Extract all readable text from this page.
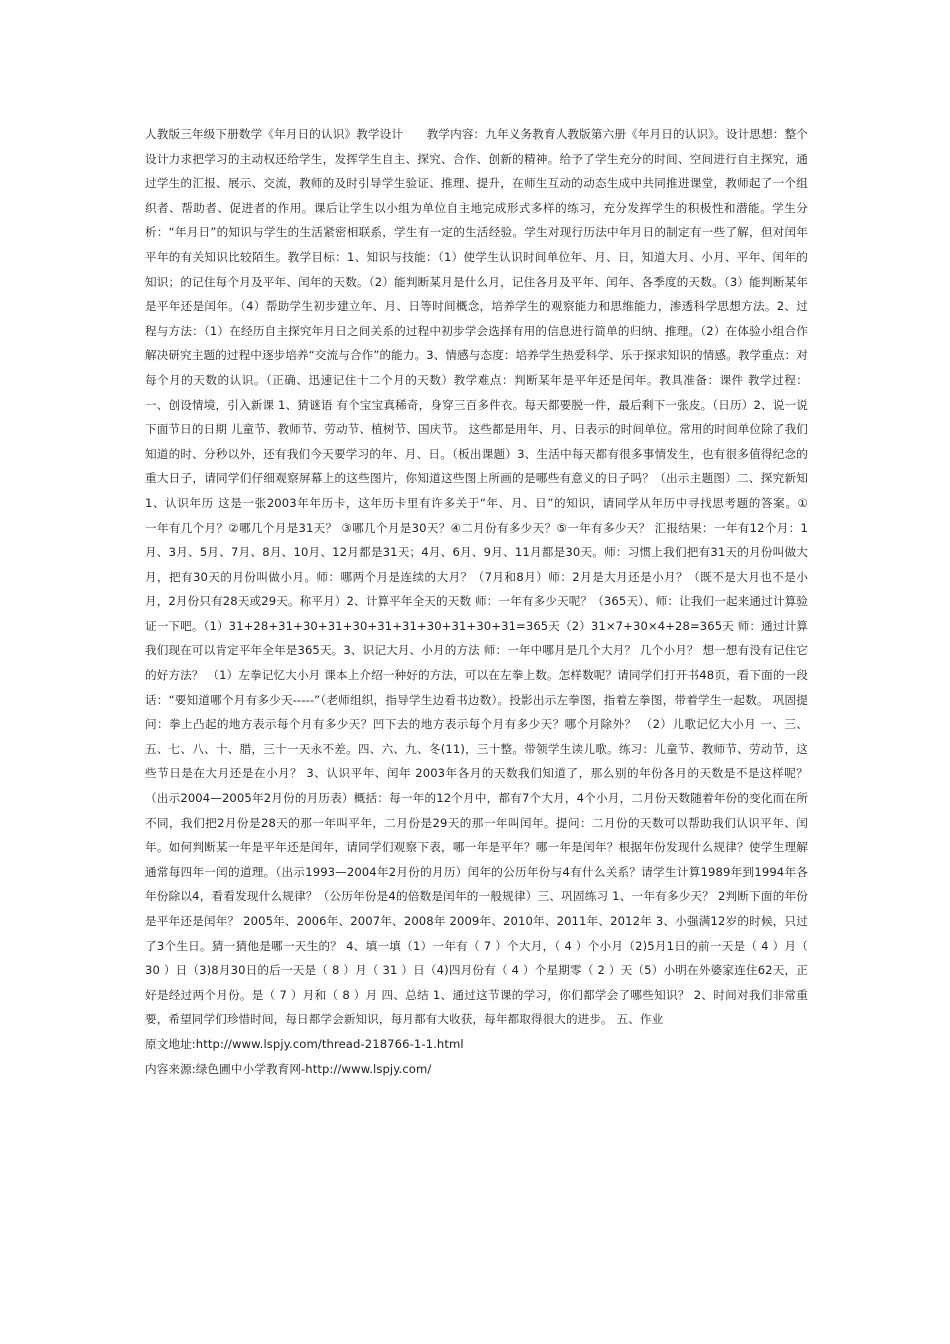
人教版三年级下册数学《年月日的认识》教学设计　　教学内容：九年义务教育人教版第六册《年月日的认识》。设计思想：整个设计力求把学习的主动权还给学生，发挥学生自主、探究、合作、创新的精神。给予了学生充分的时间、空间进行自主探究，通过学生的汇报、展示、交流，教师的及时引导学生验证、推理、提升，在师生互动的动态生成中共同推进课堂，教师起了一个组织者、帮助者、促进者的作用。课后让学生以小组为单位自主地完成形式多样的练习，充分发挥学生的积极性和潜能。学生分析：“年月日”的知识与学生的生活紧密相联系，学生有一定的生活经验。学生对现行历法中年月日的制定有一些了解，但对闰年平年的有关知识比较陌生。教学目标：1、知识与技能：（1）使学生认识时间单位年、月、日，知道大月、小月、平年、闰年的知识；的记住每个月及平年、闰年的天数。（2）能判断某月是什么月，记住各月及平年、闰年、各季度的天数。（3）能判断某年是平年还是闰年。（4）帮助学生初步建立年、月、日等时间概念，培养学生的观察能力和思维能力，渗透科学思想方法。2、过程与方法：（1）在经历自主探究年月日之间关系的过程中初步学会选择有用的信息进行简单的归纳、推理。（2）在体验小组合作解决研究主题的过程中逐步培养“交流与合作”的能力。3、情感与态度：培养学生热爱科学、乐于探求知识的情感。教学重点：对每个月的天数的认识。（正确、迅速记住十二个月的天数）教学难点：判断某年是平年还是闰年。教具准备：课件 教学过程：一、创设情境，引入新课 1、猜谜语 有个宝宝真稀奇，身穿三百多件衣。每天都要脱一件，最后剩下一张皮。（日历）2、说一说下面节日的日期 儿童节、教师节、劳动节、植树节、国庆节。 这些都是用年、月、日表示的时间单位。常用的时间单位除了我们知道的时、分秒以外，还有我们今天要学习的年、月、日。（板出课题）3、生活中每天都有很多事情发生，也有很多值得纪念的重大日子，请同学们仔细观察屏幕上的这些图片，你知道这些图上所画的是哪些有意义的日子吗？（出示主题图）二、探究新知 1、认识年历 这是一张2003年年历卡，这年历卡里有许多关于“年、月、日”的知识，请同学从年历中寻找思考题的答案。①　　　一年有几个月？②哪几个月是31天？ ③哪几个月是30天？④二月份有多少天？⑤一年有多少天？ 汇报结果：一年有12个月：1月、3月、5月、7月、8月、10月、12月都是31天；4月、6月、9月、11月都是30天。师：习惯上我们把有31天的月份叫做大月，把有30天的月份叫做小月。师：哪两个月是连续的大月？（7月和8月）师：2月是大月还是小月？（既不是大月也不是小月，2月份只有28天或29天。称平月）2、计算平年全天的天数 师：一年有多少天呢？（365天）、师：让我们一起来通过计算验证一下吧。（1）31+28+31+30+31+30+31+31+30+31+30+31=365天（2）31×7+30×4+28=365天 师：通过计算我们现在可以肯定平年全年是365天。3、识记大月、小月的方法 师：一年中哪月是几个大月？ 几个小月？ 想一想有没有记住它的好方法？ （1）左拳记忆大小月 课本上介绍一种好的方法，可以在左拳上数。怎样数呢？请同学们打开书48页，看下面的一段话：“要知道哪个月有多少天-----”（老师组织，指导学生边看书边数）。投影出示左拳图，指着左拳图，带着学生一起数。 巩固提问：拳上凸起的地方表示每个月有多少天？凹下去的地方表示每个月有多少天？哪个月除外？ （2）儿歌记忆大小月 一、三、五、七、八、十、腊，三十一天永不差。四、六、九、冬(11)，三十整。带领学生读儿歌。练习：儿童节、教师节、劳动节，这些节日是在大月还是在小月？ 3、认识平年、闰年 2003年各月的天数我们知道了，那么别的年份各月的天数是不是这样呢？（出示2004—2005年2月份的月历表）概括：每一年的12个月中，都有7个大月，4个小月，二月份天数随着年份的变化而在所不同，我们把2月份是28天的那一年叫平年，二月份是29天的那一年叫闰年。提问：二月份的天数可以帮助我们认识平年、闰年。如何判断某一年是平年还是闰年，请同学们观察下表，哪一年是平年？哪一年是闰年？根据年份发现什么规律？使学生理解通常每四年一闰的道理。（出示1993—2004年2月份的月历）闰年的公历年份与4有什么关系？请学生计算1989年到1994年各年份除以4，看看发现什么规律？（公历年份是4的倍数是闰年的一般规律）三、巩固练习 1、一年有多少天？ 2判断下面的年份是平年还是闰年？ 2005年、2006年、2007年、2008年 2009年、2010年、2011年、2012年 3、小强满12岁的时候，只过了3个生日。猜一猜他是哪一天生的？ 4、填一填（1）一年有（ 7 ）个大月，（ 4 ）个小月（2)5月1日的前一天是（ 4 ）月（ 30 ）日（3)8月30日的后一天是（ 8 ）月（ 31 ）日（4)四月份有（ 4 ）个星期零（ 2 ）天（5）小明在外婆家连住62天，正好是经过两个月份。是（ 7 ）月和（ 8 ）月 四、总结 1、通过这节课的学习，你们都学会了哪些知识？ 2、时间对我们非常重要，希望同学们珍惜时间，每日都学会新知识，每月都有大收获，每年都取得很大的进步。 五、作业

原文地址:http://www.lspjy.com/thread-218766-1-1.html

内容来源:绿色圃中小学教育网-http://www.lspjy.com/
